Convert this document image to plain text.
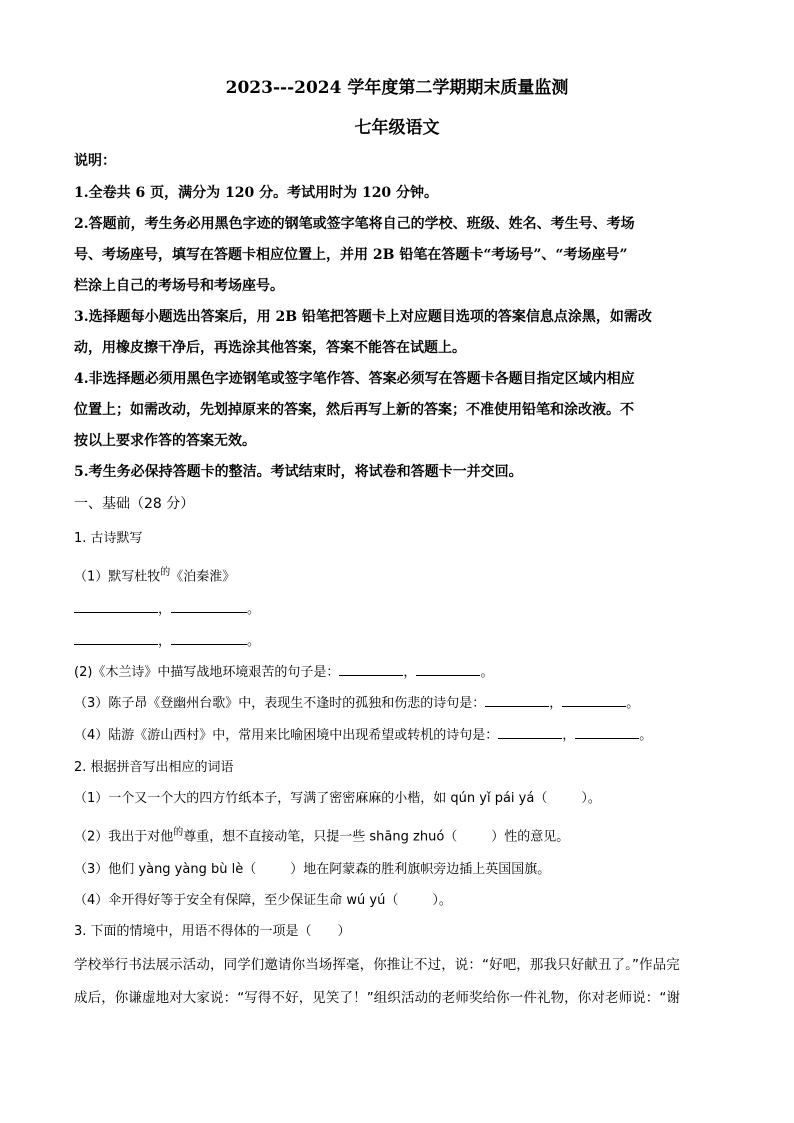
2023---2024 学年度第二学期期末质量监测
七年级语文
说明：
1.全卷共 6 页，满分为 120 分。考试用时为 120 分钟。
2.答题前，考生务必用黑色字迹的钢笔或签字笔将自己的学校、班级、姓名、考生号、考场
号、考场座号，填写在答题卡相应位置上，并用 2B 铅笔在答题卡“考场号”、“考场座号”
栏涂上自己的考场号和考场座号。
3.选择题每小题选出答案后，用 2B 铅笔把答题卡上对应题目选项的答案信息点涂黑，如需改
动，用橡皮擦干净后，再选涂其他答案，答案不能答在试题上。
4.非选择题必须用黑色字迹钢笔或签字笔作答、答案必须写在答题卡各题目指定区域内相应
位置上；如需改动，先划掉原来的答案，然后再写上新的答案；不准使用铅笔和涂改液。不
按以上要求作答的答案无效。
5.考生务必保持答题卡的整洁。考试结束时，将试卷和答题卡一并交回。
一、基础（28 分）
1. 古诗默写
（1）默写杜牧$^的$《泊秦淮》
，	。
，	。
(2)《木兰诗》中描写战地环境艰苦的句子是：	，	。
（3）陈子昂《登幽州台歌》中，表现生不逢时的孤独和伤悲的诗句是：	，	。
（4）陆游《游山西村》中，常用来比喻困境中出现希望或转机的诗句是：	，	。
2. 根据拼音写出相应的词语
（1）一个又一个大的四方竹纸本子，写满了密密麻麻的小楷，如 qún yǐ pái yá（	）。
（2）我出于对他$^的$尊重，想不直接动笔，只提一些 shāng zhuó（	）性的意见。
（3）他们 yàng yàng bù lè（	）地在阿蒙森的胜利旗帜旁边插上英国国旗。
（4）伞开得好等于安全有保障，至少保证生命 wú yú（	）。
3. 下面的情境中，用语不得体的一项是（ ）
学校举行书法展示活动，同学们邀请你当场挥毫，你推让不过，说：“好吧，那我只好献丑了。”作品完
成后，你谦虚地对大家说：“写得不好，见笑了！”组织活动的老师奖给你一件礼物，你对老师说：“谢
